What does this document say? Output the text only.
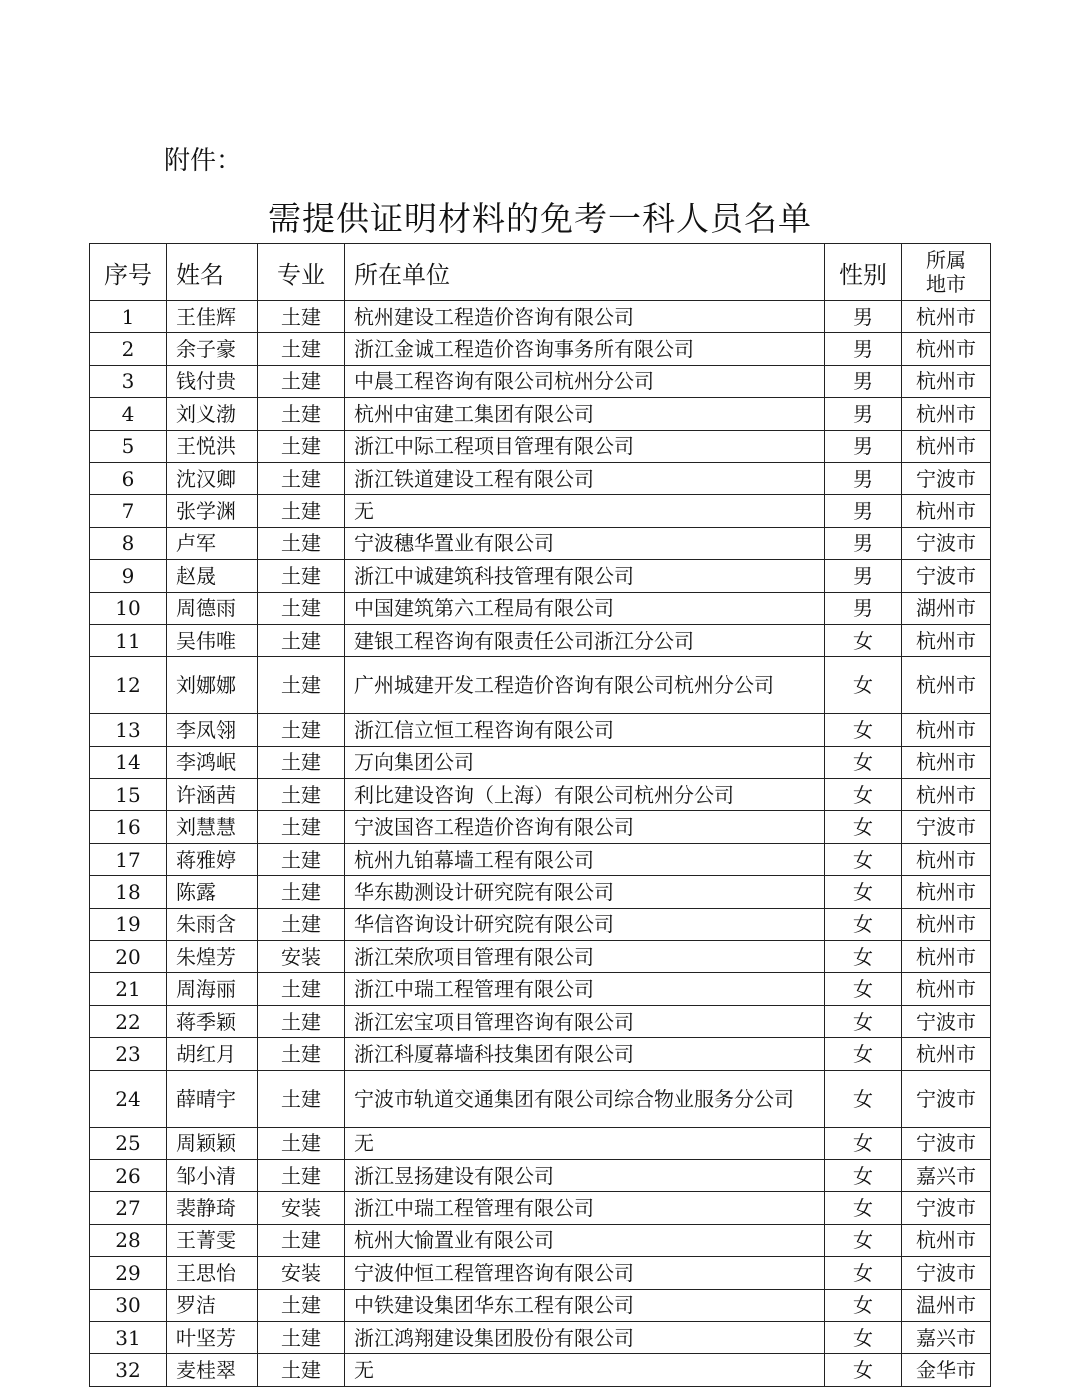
附件：
需提供证明材料的免考一科人员名单
序号	姓名	专业	所在单位	性别	所属
地市

1	王佳辉	土建	杭州建设工程造价咨询有限公司	男	杭州市
2	余子豪	土建	浙江金诚工程造价咨询事务所有限公司	男	杭州市
3	钱付贵	土建	中晨工程咨询有限公司杭州分公司	男	杭州市
4	刘义渤	土建	杭州中宙建工集团有限公司	男	杭州市
5	王悦洪	土建	浙江中际工程项目管理有限公司	男	杭州市
6	沈汉卿	土建	浙江铁道建设工程有限公司	男	宁波市
7	张学渊	土建	无	男	杭州市
8	卢军	土建	宁波穗华置业有限公司	男	宁波市
9	赵晟	土建	浙江中诚建筑科技管理有限公司	男	宁波市
10	周德雨	土建	中国建筑第六工程局有限公司	男	湖州市
11	吴伟唯	土建	建银工程咨询有限责任公司浙江分公司	女	杭州市
12	刘娜娜	土建	广州城建开发工程造价咨询有限公司杭州分公司	女	杭州市
13	李凤翎	土建	浙江信立恒工程咨询有限公司	女	杭州市
14	李鸿岷	土建	万向集团公司	女	杭州市
15	许涵茜	土建	利比建设咨询（上海）有限公司杭州分公司	女	杭州市
16	刘慧慧	土建	宁波国咨工程造价咨询有限公司	女	宁波市
17	蒋雅婷	土建	杭州九铂幕墙工程有限公司	女	杭州市
18	陈露	土建	华东勘测设计研究院有限公司	女	杭州市
19	朱雨含	土建	华信咨询设计研究院有限公司	女	杭州市
20	朱煌芳	安装	浙江荣欣项目管理有限公司	女	杭州市
21	周海丽	土建	浙江中瑞工程管理有限公司	女	杭州市
22	蒋季颖	土建	浙江宏宝项目管理咨询有限公司	女	宁波市
23	胡红月	土建	浙江科厦幕墙科技集团有限公司	女	杭州市
24	薛晴宇	土建	宁波市轨道交通集团有限公司综合物业服务分公司	女	宁波市
25	周颖颖	土建	无	女	宁波市
26	邹小清	土建	浙江昱扬建设有限公司	女	嘉兴市
27	裴静琦	安装	浙江中瑞工程管理有限公司	女	宁波市
28	王菁雯	土建	杭州大愉置业有限公司	女	杭州市
29	王思怡	安装	宁波仲恒工程管理咨询有限公司	女	宁波市
30	罗洁	土建	中铁建设集团华东工程有限公司	女	温州市
31	叶坚芳	土建	浙江鸿翔建设集团股份有限公司	女	嘉兴市
32	麦桂翠	土建	无	女	金华市
